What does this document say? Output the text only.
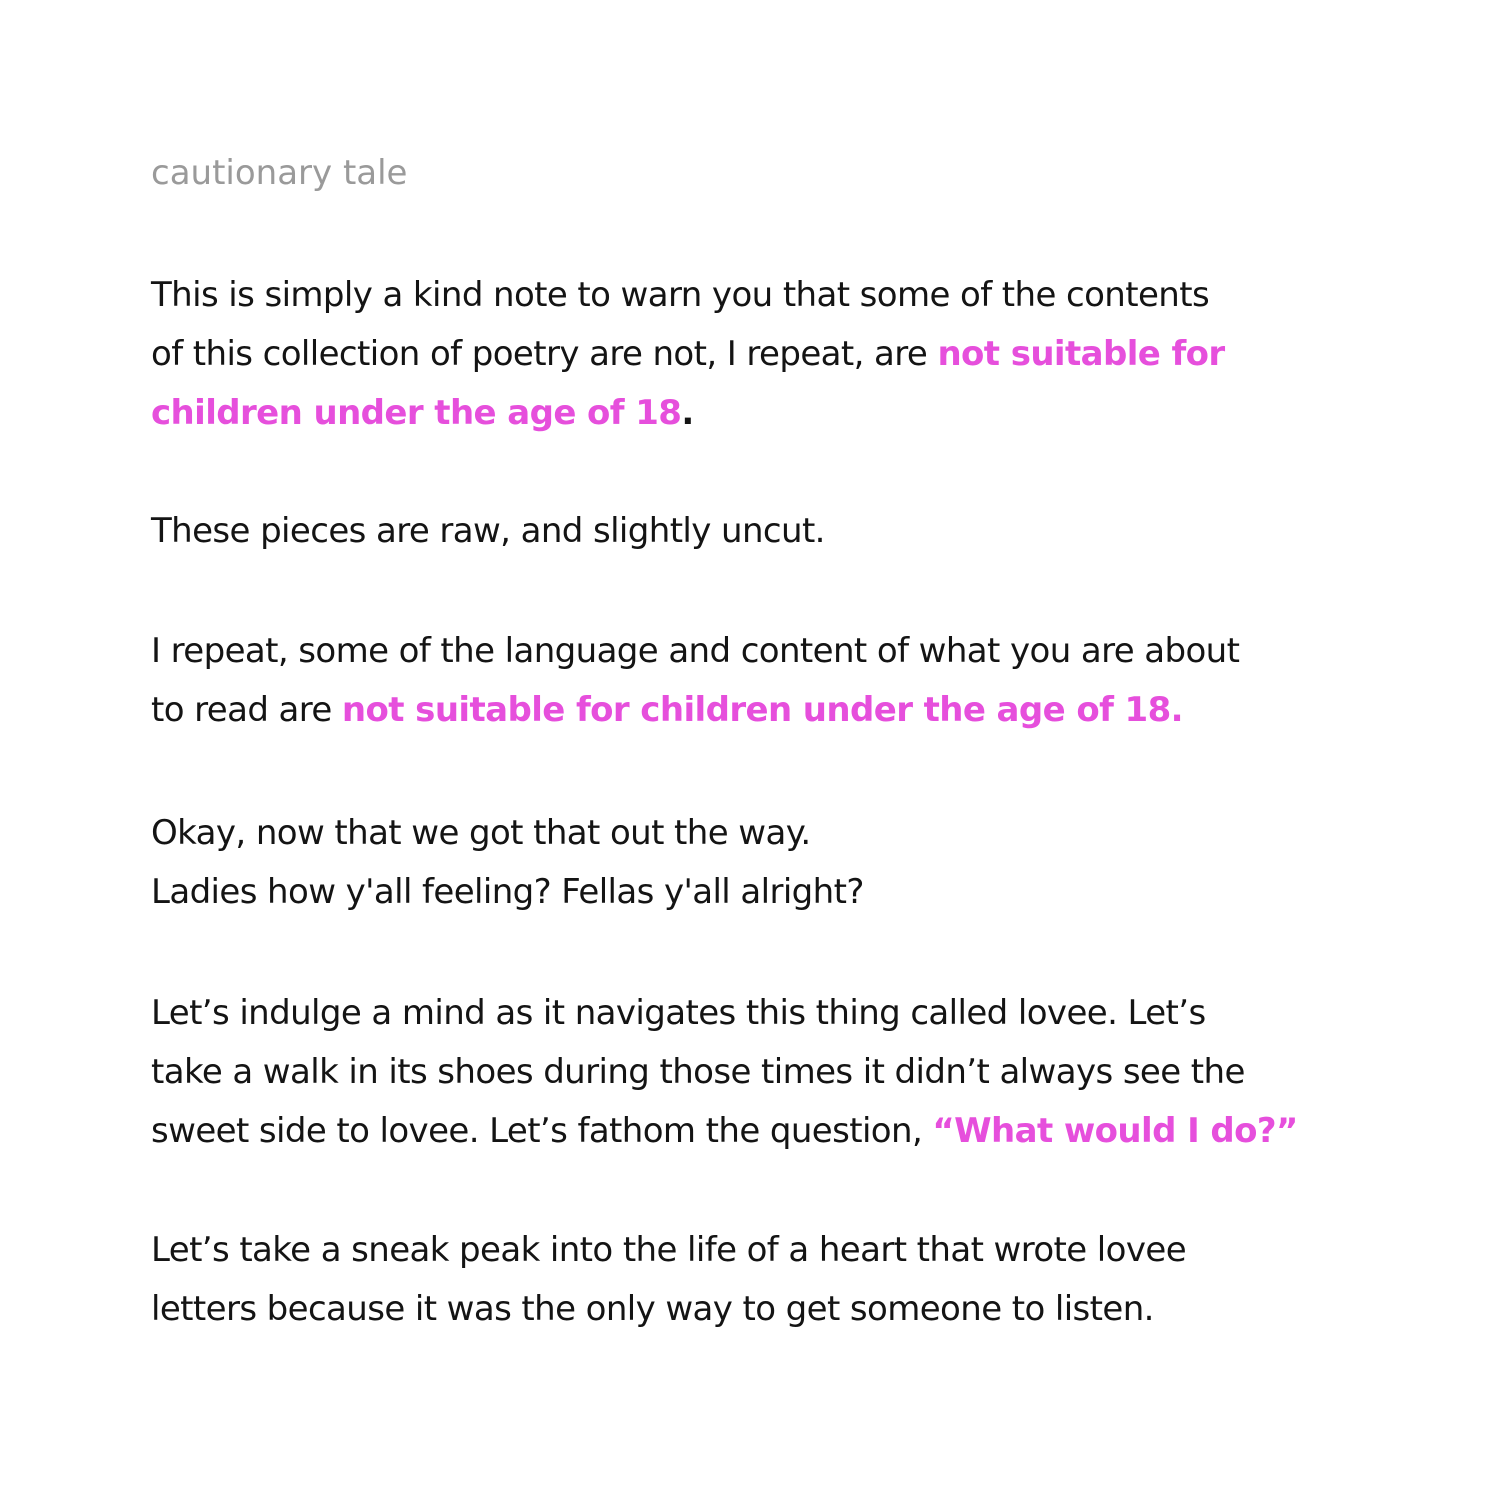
cautionary tale
This is simply a kind note to warn you that some of the contents
of this collection of poetry are not, I repeat, are not suitable for
children under the age of 18.
These pieces are raw, and slightly uncut.
I repeat, some of the language and content of what you are about
to read are not suitable for children under the age of 18.
Okay, now that we got that out the way.
Ladies how y'all feeling? Fellas y'all alright?
Let’s indulge a mind as it navigates this thing called lovee. Let’s
take a walk in its shoes during those times it didn’t always see the
sweet side to lovee. Let’s fathom the question, “What would I do?”
Let’s take a sneak peak into the life of a heart that wrote lovee
letters because it was the only way to get someone to listen.
